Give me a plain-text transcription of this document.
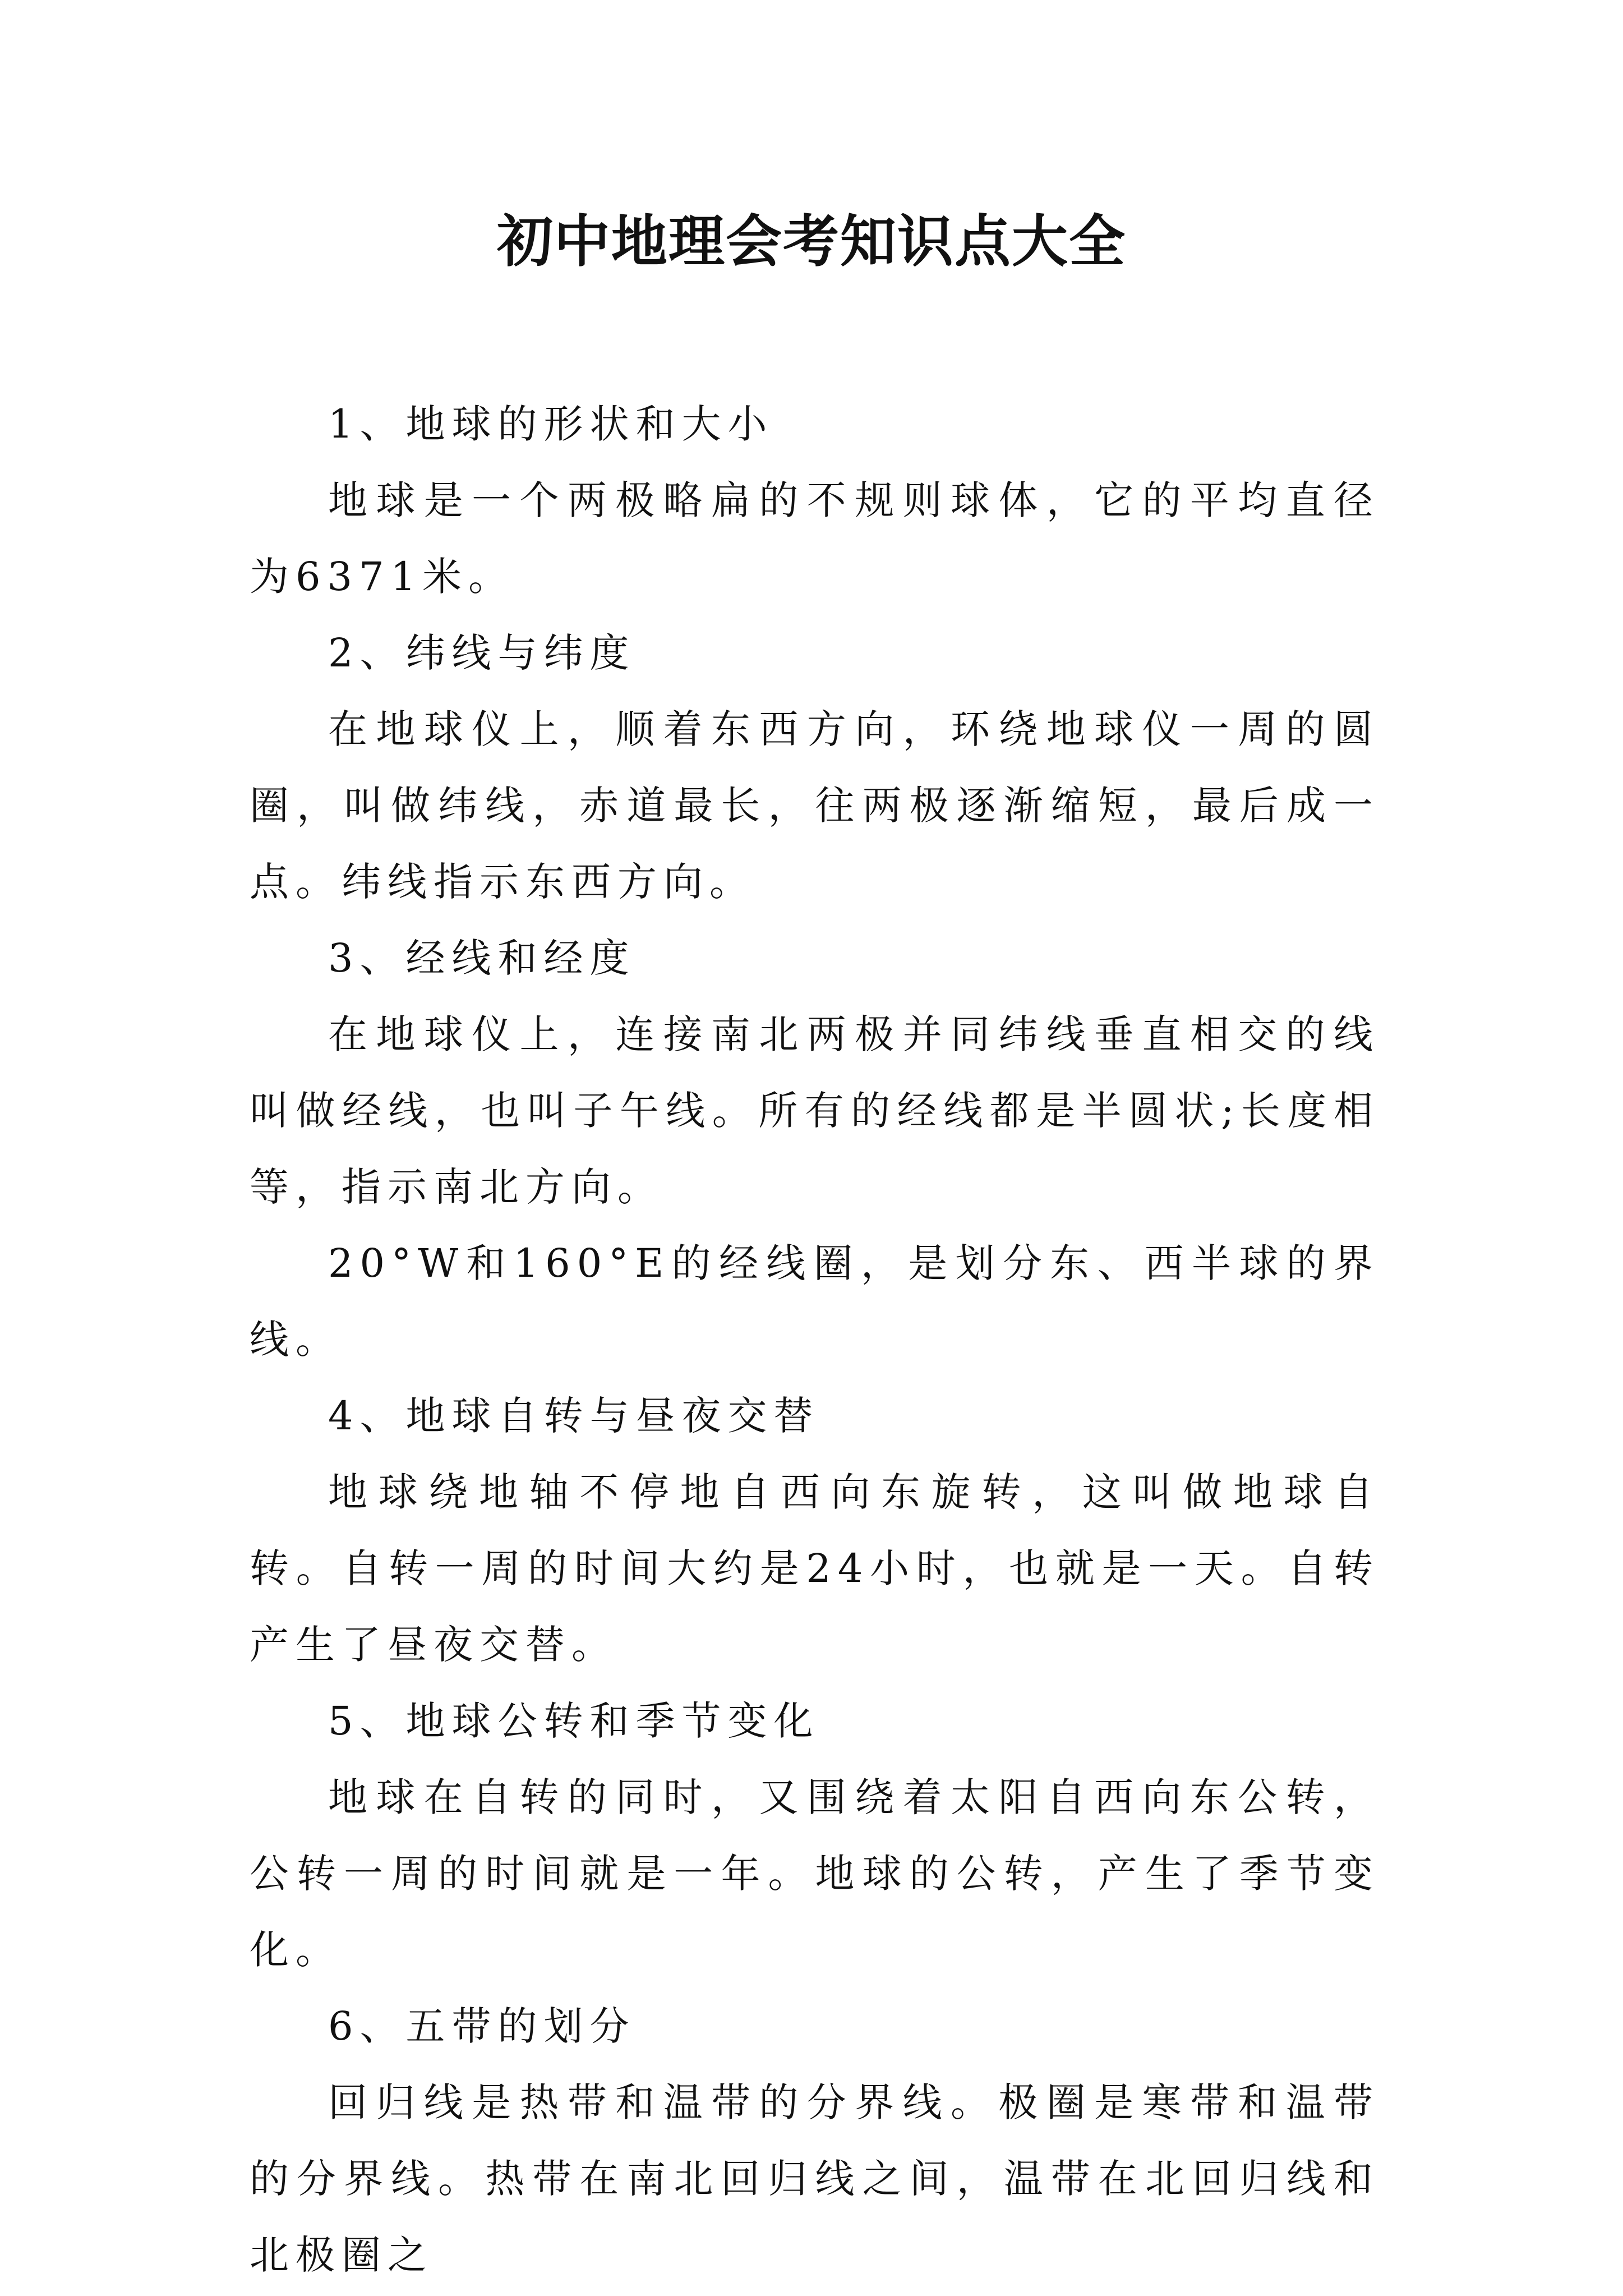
初中地理会考知识点大全

1、地球的形状和大小

地球是一个两极略扁的不规则球体，它的平均直径为6371米。

2、纬线与纬度

在地球仪上，顺着东西方向，环绕地球仪一周的圆圈，叫做纬线，赤道最长，往两极逐渐缩短，最后成一点。纬线指示东西方向。

3、经线和经度

在地球仪上，连接南北两极并同纬线垂直相交的线叫做经线，也叫子午线。所有的经线都是半圆状;长度相等，指示南北方向。

20°W和160°E的经线圈，是划分东、西半球的界线。

4、地球自转与昼夜交替

地球绕地轴不停地自西向东旋转，这叫做地球自转。自转一周的时间大约是24小时，也就是一天。自转产生了昼夜交替。

5、地球公转和季节变化

地球在自转的同时，又围绕着太阳自西向东公转，公转一周的时间就是一年。地球的公转，产生了季节变化。

6、五带的划分

回归线是热带和温带的分界线。极圈是寒带和温带的分界线。热带在南北回归线之间，温带在北回归线和北极圈之
